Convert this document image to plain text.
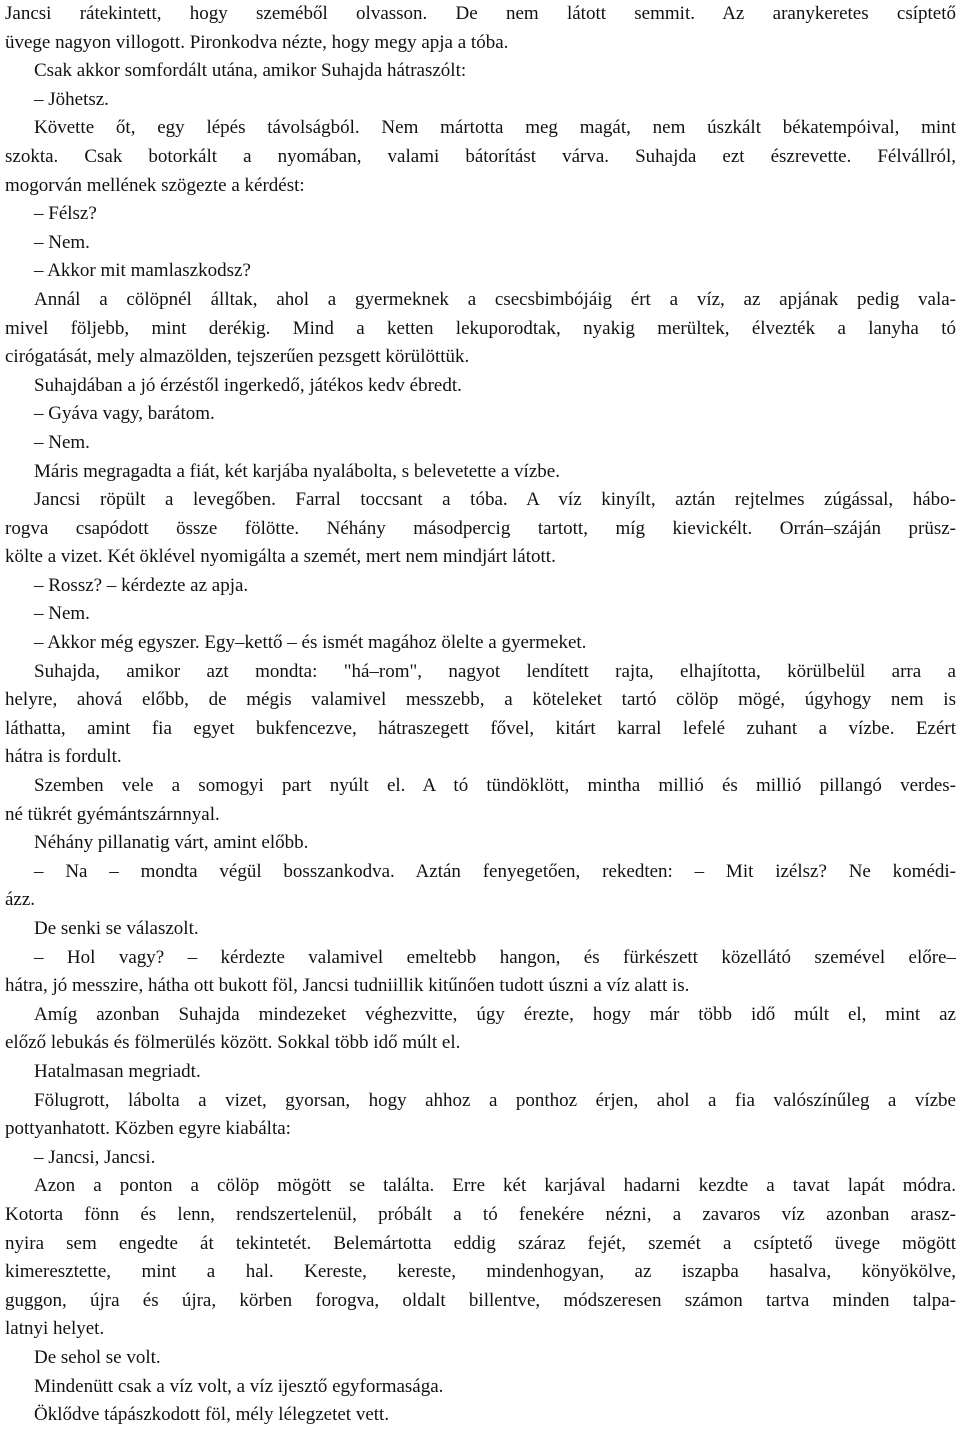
Jancsi rátekintett, hogy szeméből olvasson. De nem látott semmit. Az aranykeretes csíptető
üvege nagyon villogott. Pironkodva nézte, hogy megy apja a tóba.
Csak akkor somfordált utána, amikor Suhajda hátraszólt:
– Jöhetsz.
Követte őt, egy lépés távolságból. Nem mártotta meg magát, nem úszkált békatempóival, mint
szokta. Csak botorkált a nyomában, valami bátorítást várva. Suhajda ezt észrevette. Félvállról,
mogorván mellének szögezte a kérdést:
– Félsz?
– Nem.
– Akkor mit mamlaszkodsz?
Annál a cölöpnél álltak, ahol a gyermeknek a csecsbimbójáig ért a víz, az apjának pedig vala-
mivel följebb, mint derékig. Mind a ketten lekuporodtak, nyakig merültek, élvezték a lanyha tó
cirógatását, mely almazölden, tejszerűen pezsgett körülöttük.
Suhajdában a jó érzéstől ingerkedő, játékos kedv ébredt.
– Gyáva vagy, barátom.
– Nem.
Máris megragadta a fiát, két karjába nyalábolta, s belevetette a vízbe.
Jancsi röpült a levegőben. Farral toccsant a tóba. A víz kinyílt, aztán rejtelmes zúgással, hábo-
rogva csapódott össze fölötte. Néhány másodpercig tartott, míg kievickélt. Orrán–száján prüsz-
költe a vizet. Két öklével nyomigálta a szemét, mert nem mindjárt látott.
– Rossz? – kérdezte az apja.
– Nem.
– Akkor még egyszer. Egy–kettő – és ismét magához ölelte a gyermeket.
Suhajda, amikor azt mondta: "há–rom", nagyot lendített rajta, elhajította, körülbelül arra a
helyre, ahová előbb, de mégis valamivel messzebb, a köteleket tartó cölöp mögé, úgyhogy nem is
láthatta, amint fia egyet bukfencezve, hátraszegett fővel, kitárt karral lefelé zuhant a vízbe. Ezért
hátra is fordult.
Szemben vele a somogyi part nyúlt el. A tó tündöklött, mintha millió és millió pillangó verdes-
né tükrét gyémántszárnnyal.
Néhány pillanatig várt, amint előbb.
– Na – mondta végül bosszankodva. Aztán fenyegetően, rekedten: – Mit izélsz? Ne komédi-
ázz.
De senki se válaszolt.
– Hol vagy? – kérdezte valamivel emeltebb hangon, és fürkészett közellátó szemével előre–
hátra, jó messzire, hátha ott bukott föl, Jancsi tudniillik kitűnően tudott úszni a víz alatt is.
Amíg azonban Suhajda mindezeket véghezvitte, úgy érezte, hogy már több idő múlt el, mint az
előző lebukás és fölmerülés között. Sokkal több idő múlt el.
Hatalmasan megriadt.
Fölugrott, lábolta a vizet, gyorsan, hogy ahhoz a ponthoz érjen, ahol a fia valószínűleg a vízbe
pottyanhatott. Közben egyre kiabálta:
– Jancsi, Jancsi.
Azon a ponton a cölöp mögött se találta. Erre két karjával hadarni kezdte a tavat lapát módra.
Kotorta fönn és lenn, rendszertelenül, próbált a tó fenekére nézni, a zavaros víz azonban arasz-
nyira sem engedte át tekintetét. Belemártotta eddig száraz fejét, szemét a csíptető üvege mögött
kimeresztette, mint a hal. Kereste, kereste, mindenhogyan, az iszapba hasalva, könyökölve,
guggon, újra és újra, körben forogva, oldalt billentve, módszeresen számon tartva minden talpa-
latnyi helyet.
De sehol se volt.
Mindenütt csak a víz volt, a víz ijesztő egyformasága.
Öklődve tápászkodott föl, mély lélegzetet vett.
